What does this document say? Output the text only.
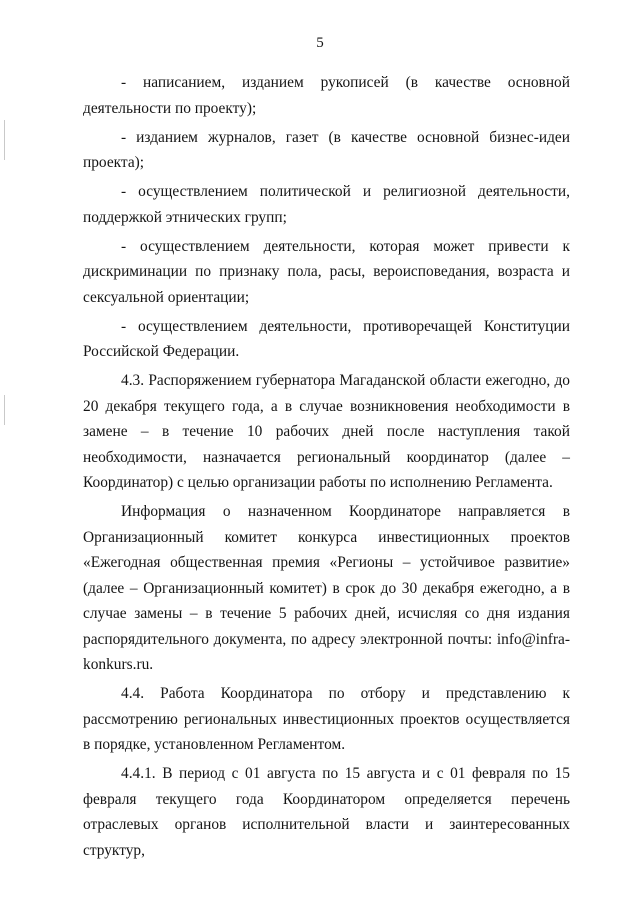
5

- написанием, изданием рукописей (в качестве основной деятельности по проекту);

- изданием журналов, газет (в качестве основной бизнес-идеи проекта);

- осуществлением политической и религиозной деятельности, поддержкой этнических групп;

- осуществлением деятельности, которая может привести к дискриминации по признаку пола, расы, вероисповедания, возраста и сексуальной ориентации;

- осуществлением деятельности, противоречащей Конституции Российской Федерации.

4.3. Распоряжением губернатора Магаданской области ежегодно, до 20 декабря текущего года, а в случае возникновения необходимости в замене – в течение 10 рабочих дней после наступления такой необходимости, назначается региональный координатор (далее – Координатор) с целью организации работы по исполнению Регламента.

Информация о назначенном Координаторе направляется в Организационный комитет конкурса инвестиционных проектов «Ежегодная общественная премия «Регионы – устойчивое развитие» (далее – Организационный комитет) в срок до 30 декабря ежегодно, а в случае замены – в течение 5 рабочих дней, исчисляя со дня издания распорядительного документа, по адресу электронной почты: info@infra-konkurs.ru.

4.4. Работа Координатора по отбору и представлению к рассмотрению региональных инвестиционных проектов осуществляется в порядке, установленном Регламентом.

4.4.1. В период с 01 августа по 15 августа и с 01 февраля по 15 февраля текущего года Координатором определяется перечень отраслевых органов исполнительной власти и заинтересованных структур,
